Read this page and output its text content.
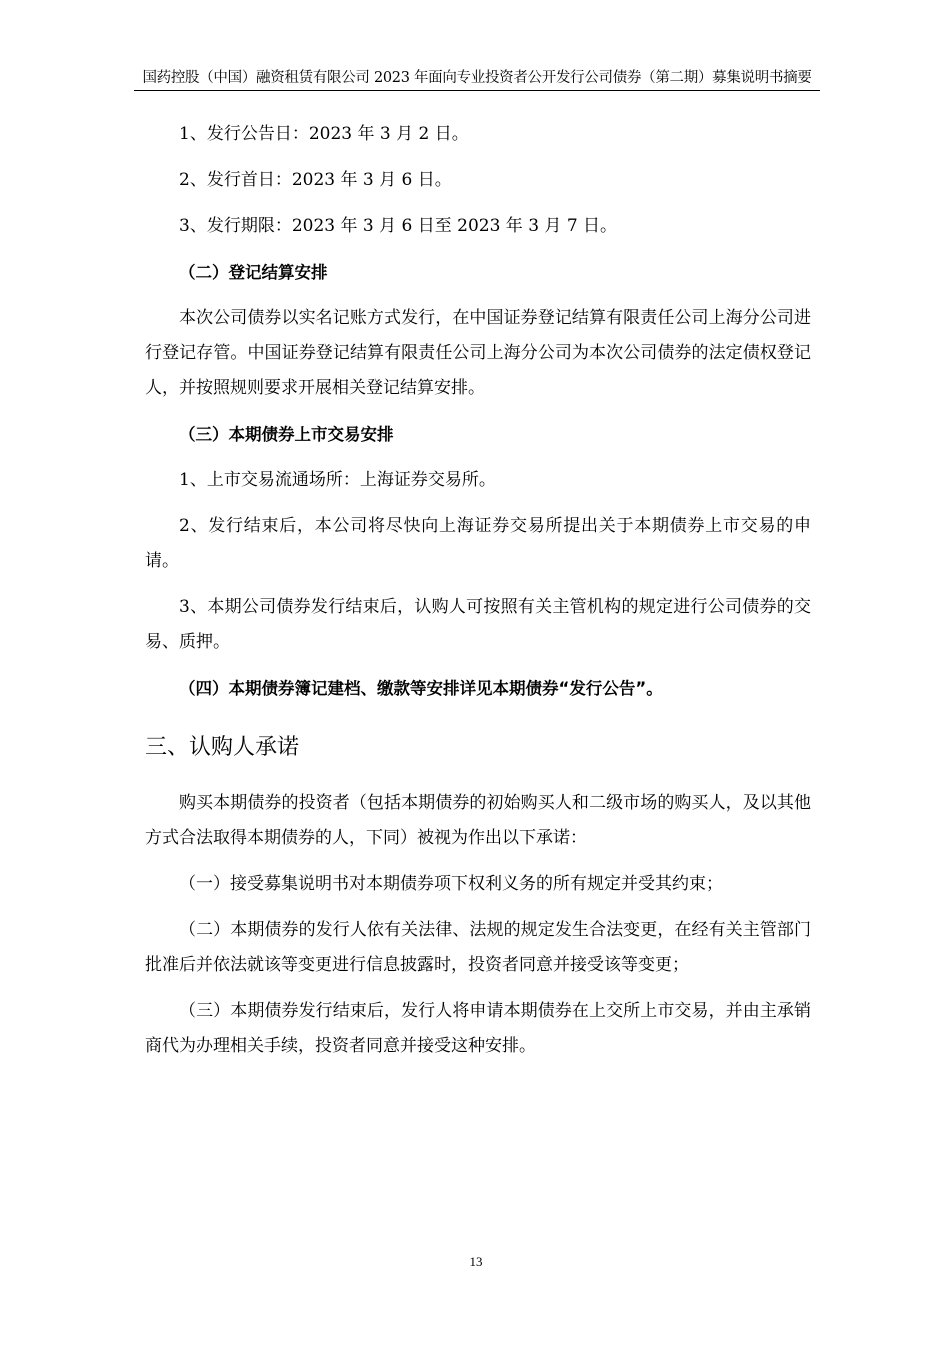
国药控股（中国）融资租赁有限公司 2023 年面向专业投资者公开发行公司债券（第二期）募集说明书摘要

1、发行公告日：2023 年 3 月 2 日。

2、发行首日：2023 年 3 月 6 日。

3、发行期限：2023 年 3 月 6 日至 2023 年 3 月 7 日。

（二）登记结算安排

本次公司债券以实名记账方式发行，在中国证券登记结算有限责任公司上海分公司进行登记存管。中国证券登记结算有限责任公司上海分公司为本次公司债券的法定债权登记人，并按照规则要求开展相关登记结算安排。

（三）本期债券上市交易安排

1、上市交易流通场所：上海证券交易所。

2、发行结束后，本公司将尽快向上海证券交易所提出关于本期债券上市交易的申请。

3、本期公司债券发行结束后，认购人可按照有关主管机构的规定进行公司债券的交易、质押。

（四）本期债券簿记建档、缴款等安排详见本期债券“发行公告”。

三、认购人承诺

购买本期债券的投资者（包括本期债券的初始购买人和二级市场的购买人，及以其他方式合法取得本期债券的人，下同）被视为作出以下承诺：

（一）接受募集说明书对本期债券项下权利义务的所有规定并受其约束；

（二）本期债券的发行人依有关法律、法规的规定发生合法变更，在经有关主管部门批准后并依法就该等变更进行信息披露时，投资者同意并接受该等变更；

（三）本期债券发行结束后，发行人将申请本期债券在上交所上市交易，并由主承销商代为办理相关手续，投资者同意并接受这种安排。

13
